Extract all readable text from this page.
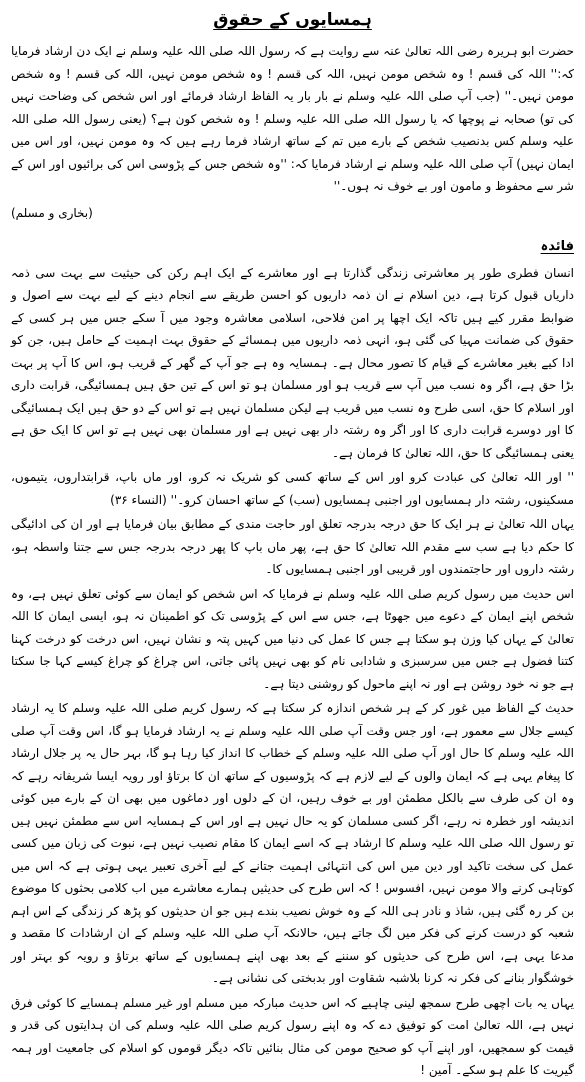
ہمسایوں کے حقوق

حضرت ابو ہریرہ رضی اللہ تعالیٰ عنہ سے روایت ہے کہ رسول اللہ صلی اللہ علیہ وسلم نے ایک دن ارشاد فرمایا کہ:'' اللہ کی قسم ! وہ شخص مومن نہیں، اللہ کی قسم ! وہ شخص مومن نہیں، اللہ کی قسم ! وہ شخص مومن نہیں۔'' (جب آپ صلی اللہ علیہ وسلم نے بار بار یہ الفاظ ارشاد فرمائے اور اس شخص کی وضاحت نہیں کی تو) صحابہ نے پوچھا کہ یا رسول اللہ صلی اللہ علیہ وسلم ! وہ شخص کون ہے؟ (یعنی رسول اللہ صلی اللہ علیہ وسلم کس بدنصیب شخص کے بارے میں تم کے ساتھ ارشاد فرما رہے ہیں کہ وہ مومن نہیں، اور اس میں ایمان نہیں) آپ صلی اللہ علیہ وسلم نے ارشاد فرمایا کہ: ''وہ شخص جس کے پڑوسی اس کی برائیوں اور اس کے شر سے محفوظ و مامون اور بے خوف نہ ہوں۔''

(بخاری و مسلم)
فائدہ

انسان فطری طور پر معاشرتی زندگی گذارتا ہے اور معاشرے کے ایک اہم رکن کی حیثیت سے بہت سی ذمہ داریاں قبول کرتا ہے، دین اسلام نے ان ذمہ داریوں کو احسن طریقے سے انجام دینے کے لیے بہت سے اصول و ضوابط مقرر کیے ہیں تاکہ ایک اچھا پر امن فلاحی، اسلامی معاشرہ وجود میں آ سکے جس میں ہر کسی کے حقوق کی ضمانت مہیا کی گئی ہو، انہی ذمہ داریوں میں ہمسائے کے حقوق بہت اہمیت کے حامل ہیں، جن کو ادا کیے بغیر معاشرے کے قیام کا تصور محال ہے۔ ہمسایہ وہ ہے جو آپ کے گھر کے قریب ہو، اس کا آپ پر بہت بڑا حق ہے، اگر وہ نسب میں آپ سے قریب ہو اور مسلمان ہو تو اس کے تین حق ہیں ہمسائیگی، قرابت داری اور اسلام کا حق، اسی طرح وہ نسب میں قریب ہے لیکن مسلمان نہیں ہے تو اس کے دو حق ہیں ایک ہمسائیگی کا اور دوسرے قرابت داری کا اور اگر وہ رشتہ دار بھی نہیں ہے اور مسلمان بھی نہیں ہے تو اس کا ایک حق ہے یعنی ہمسائیگی کا حق، اللہ تعالیٰ کا فرمان ہے۔

'' اور اللہ تعالیٰ کی عبادت کرو اور اس کے ساتھ کسی کو شریک نہ کرو، اور ماں باپ، قرابتداروں، یتیموں، مسکینوں، رشتہ دار ہمسایوں اور اجنبی ہمسایوں (سب) کے ساتھ احسان کرو۔'' (النساء ۳۶)

یہاں اللہ تعالیٰ نے ہر ایک کا حق درجہ بدرجہ تعلق اور حاجت مندی کے مطابق بیان فرمایا ہے اور ان کی ادائیگی کا حکم دیا ہے سب سے مقدم اللہ تعالیٰ کا حق ہے، پھر ماں باپ کا پھر درجہ بدرجہ جس سے جتنا واسطہ ہو، رشتہ داروں اور حاجتمندوں اور قریبی اور اجنبی ہمسایوں کا۔

اس حدیث میں رسول کریم صلی اللہ علیہ وسلم نے فرمایا کہ اس شخص کو ایمان سے کوئی تعلق نہیں ہے، وہ شخص اپنے ایمان کے دعوے میں جھوٹا ہے، جس سے اس کے پڑوسی تک کو اطمینان نہ ہو، ایسی ایمان کا اللہ تعالیٰ کے یہاں کیا وزن ہو سکتا ہے جس کا عمل کی دنیا میں کہیں پتہ و نشان نہیں، اس درخت کو درخت کہنا کتنا فضول ہے جس میں سرسبزی و شادابی نام کو بھی نہیں پائی جاتی، اس چراغ کو چراغ کیسے کہا جا سکتا ہے جو نہ خود روشن ہے اور نہ اپنے ماحول کو روشنی دیتا ہے۔

حدیث کے الفاظ میں غور کر کے ہر شخص اندازہ کر سکتا ہے کہ رسول کریم صلی اللہ علیہ وسلم کا یہ ارشاد کیسے جلال سے معمور ہے، اور جس وقت آپ صلی اللہ علیہ وسلم نے یہ ارشاد فرمایا ہو گا، اس وقت آپ صلی اللہ علیہ وسلم کا حال اور آپ صلی اللہ علیہ وسلم کے خطاب کا انداز کیا رہا ہو گا، بہر حال یہ پر جلال ارشاد کا پیغام یہی ہے کہ ایمان والوں کے لیے لازم ہے کہ پڑوسیوں کے ساتھ ان کا برتاؤ اور رویہ ایسا شریفانہ رہے کہ وہ ان کی طرف سے بالکل مطمئن اور بے خوف رہیں، ان کے دلوں اور دماغوں میں بھی ان کے بارے میں کوئی اندیشہ اور خطرہ نہ رہے، اگر کسی مسلمان کو یہ حال نہیں ہے اور اس کے ہمسایہ اس سے مطمئن نہیں ہیں تو رسول اللہ صلی اللہ علیہ وسلم کا ارشاد ہے کہ اسے ایمان کا مقام نصیب نہیں ہے، نبوت کی زبان میں کسی عمل کی سخت تاکید اور دین میں اس کی انتہائی اہمیت جتانے کے لیے آخری تعبیر یہی ہوتی ہے کہ اس میں کوتاہی کرنے والا مومن نہیں، افسوس ! کہ اس طرح کی حدیثیں ہمارے معاشرے میں اب کلامی بحثوں کا موضوع بن کر رہ گئی ہیں، شاذ و نادر ہی اللہ کے وہ خوش نصیب بندے ہیں جو ان حدیثوں کو پڑھ کر زندگی کے اس اہم شعبہ کو درست کرنے کی فکر میں لگ جاتے ہیں، حالانکہ آپ صلی اللہ علیہ وسلم کے ان ارشادات کا مقصد و مدعا یہی ہے، اس طرح کی حدیثوں کو سننے کے بعد بھی اپنے ہمسایوں کے ساتھ برتاؤ و رویہ کو بہتر اور خوشگوار بنانے کی فکر نہ کرنا بلاشبہ شقاوت اور بدبختی کی نشانی ہے۔

یہاں یہ بات اچھی طرح سمجھ لینی چاہیے کہ اس حدیث مبارکہ میں مسلم اور غیر مسلم ہمسایے کا کوئی فرق نہیں ہے، اللہ تعالیٰ امت کو توفیق دے کہ وہ اپنے رسول کریم صلی اللہ علیہ وسلم کی ان ہدایتوں کی قدر و قیمت کو سمجھیں، اور اپنے آپ کو صحیح مومن کی مثال بنائیں تاکہ دیگر قوموں کو اسلام کی جامعیت اور ہمہ گیریت کا علم ہو سکے۔ آمین !
